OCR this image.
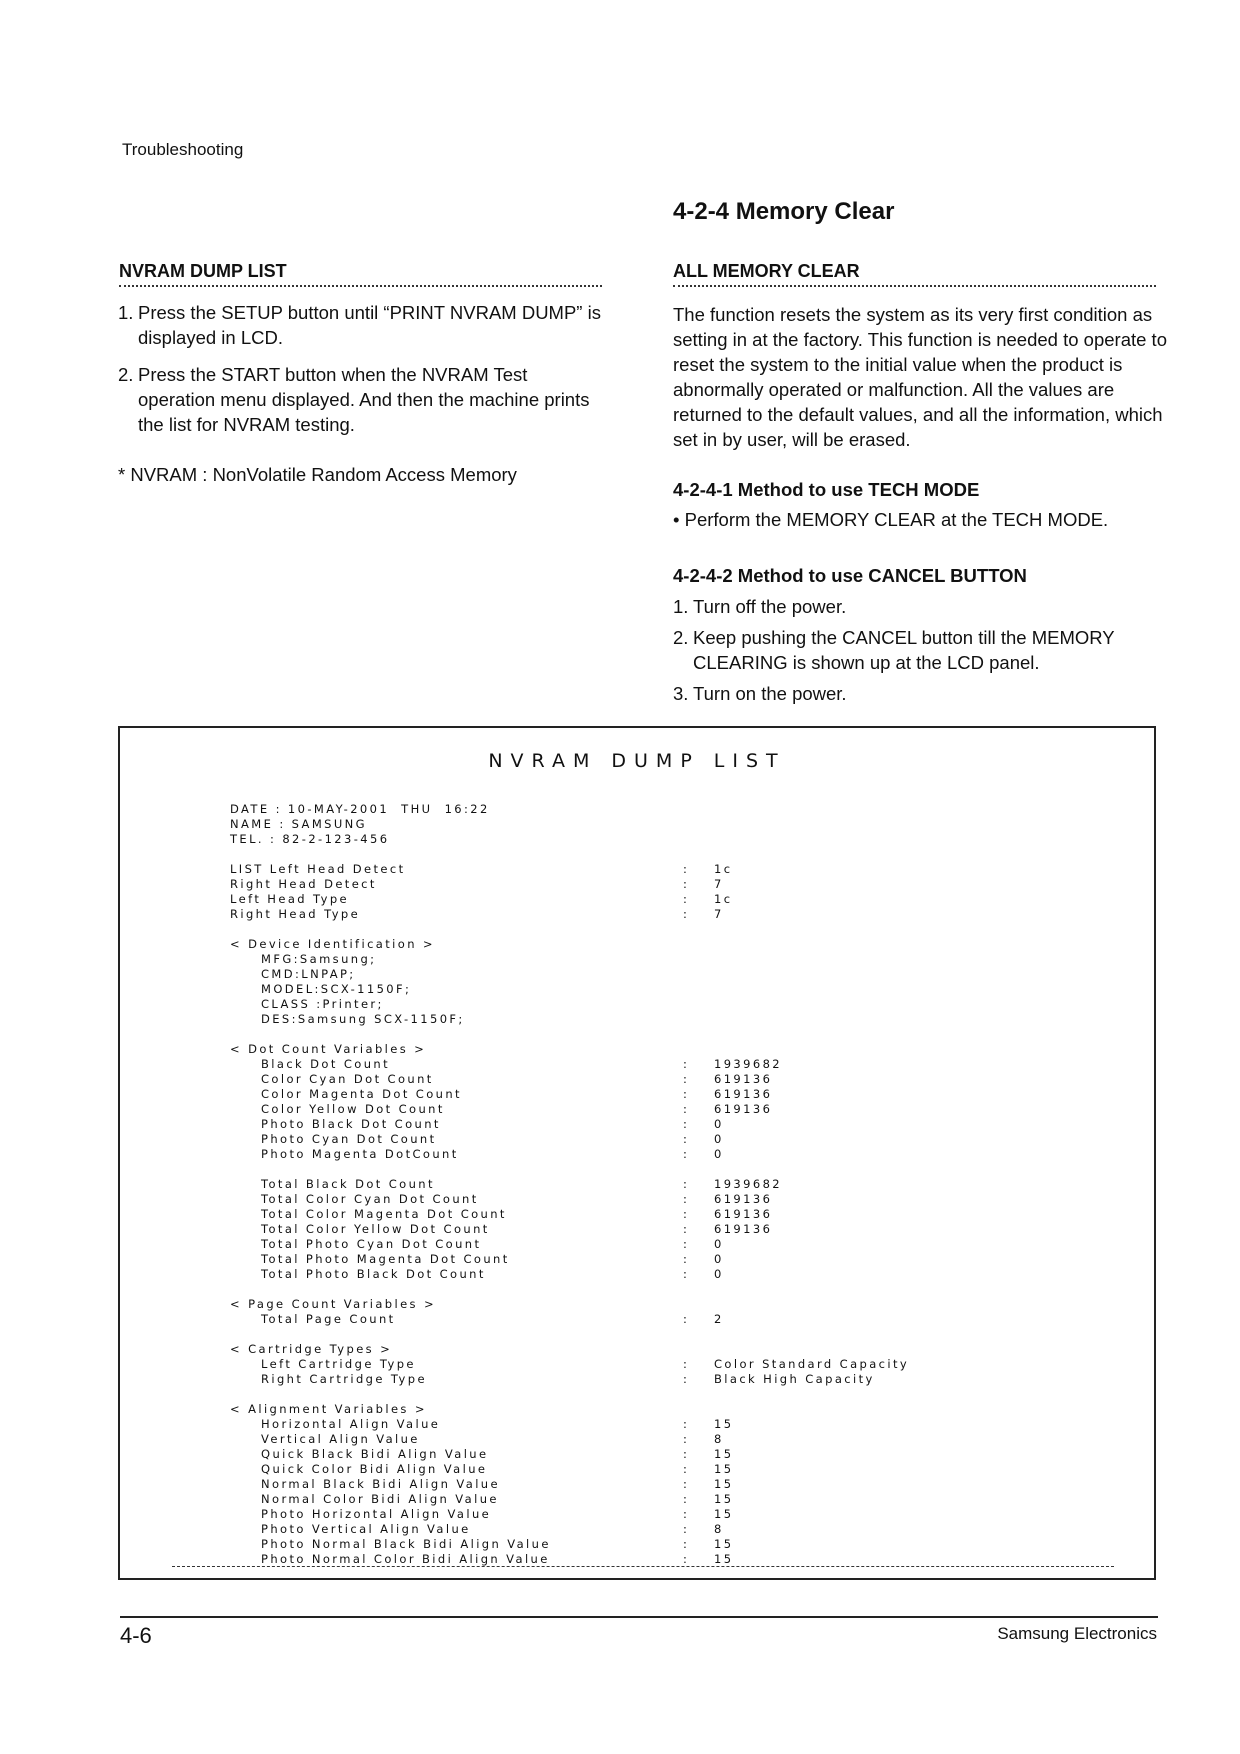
Troubleshooting
4-2-4 Memory Clear
NVRAM DUMP LIST
1. Press the SETUP button until “PRINT NVRAM DUMP” is displayed in LCD.
2. Press the START button when the NVRAM Test operation menu displayed. And then the machine prints the list for NVRAM testing.
* NVRAM : NonVolatile Random Access Memory
ALL MEMORY CLEAR

The function resets the system as its very first condition as setting in at the factory. This function is needed to operate to reset the system to the initial value when the product is abnormally operated or malfunction. All the values are returned to the default values, and all the information, which set in by user, will be erased.

4-2-4-1 Method to use TECH MODE
• Perform the MEMORY CLEAR at the TECH MODE.
4-2-4-2 Method to use CANCEL BUTTON
1. Turn off the power.
2. Keep pushing the CANCEL button till the MEMORY CLEARING is shown up at the LCD panel.
3. Turn on the power.
NVRAM DUMP LIST
DATE : 10-MAY-2001  THU  16:22
NAME : SAMSUNG
TEL. : 82-2-123-456
LIST Left Head Detect	: 1c
Right Head Detect	: 7
Left Head Type	: 1c
Right Head Type	: 7
< Device Identification >
MFG:Samsung;
CMD:LNPAP;
MODEL:SCX-1150F;
CLASS :Printer;
DES:Samsung SCX-1150F;
< Dot Count Variables >
Black Dot Count	: 1939682
Color Cyan Dot Count	: 619136
Color Magenta Dot Count	: 619136
Color Yellow Dot Count	: 619136
Photo Black Dot Count	: 0
Photo Cyan Dot Count	: 0
Photo Magenta DotCount	: 0
Total Black Dot Count	: 1939682
Total Color Cyan Dot Count	: 619136
Total Color Magenta Dot Count	: 619136
Total Color Yellow Dot Count	: 619136
Total Photo Cyan Dot Count	: 0
Total Photo Magenta Dot Count	: 0
Total Photo Black Dot Count	: 0
< Page Count Variables >
Total Page Count	: 2
< Cartridge Types >
Left Cartridge Type	: Color Standard Capacity
Right Cartridge Type	: Black High Capacity
< Alignment Variables >
Horizontal Align Value	: 15
Vertical Align Value	: 8
Quick Black Bidi Align Value	: 15
Quick Color Bidi Align Value	: 15
Normal Black Bidi Align Value	: 15
Normal Color Bidi Align Value	: 15
Photo Horizontal Align Value	: 15
Photo Vertical Align Value	: 8
Photo Normal Black Bidi Align Value	: 15
Photo Normal Color Bidi Align Value	: 15
4-6	Samsung Electronics
